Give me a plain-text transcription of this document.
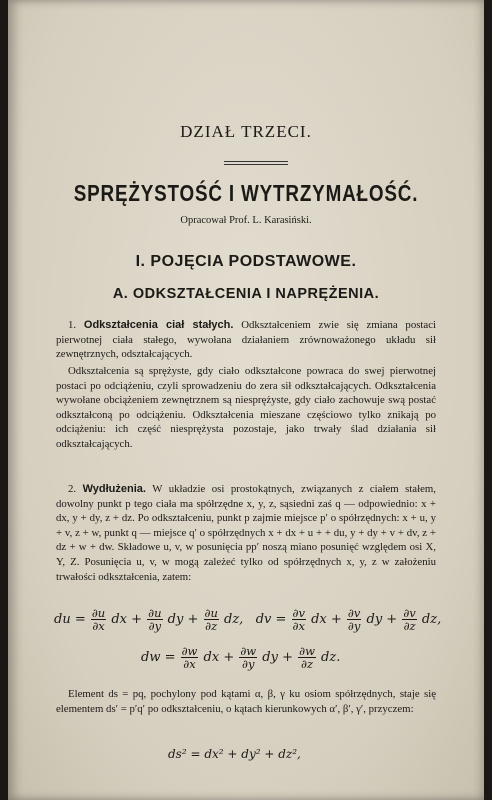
DZIAŁ TRZECI.
SPRĘŻYSTOŚĆ I WYTRZYMAŁOŚĆ.
Opracował Prof. L. Karasiński.
I. POJĘCIA PODSTAWOWE.
A. ODKSZTAŁCENIA I NAPRĘŻENIA.
1. Odkształcenia ciał stałych. Odkształceniem zwie się zmiana postaci pierwotnej ciała stałego, wywołana działaniem zrównoważonego układu sił zewnętrznych, odształcających.
Odkształcenia są sprężyste, gdy ciało odkształcone powraca do swej pierwotnej postaci po odciążeniu, czyli sprowadzeniu do zera sił odkształcających. Odkształcenia wywołane obciążeniem zewnętrznem są niesprężyste, gdy ciało zachowuje swą postać odkształconą po odciążeniu. Odkształcenia mieszane częściowo tylko znikają po odciążeniu: ich część niesprężysta pozostaje, jako trwały ślad działania sił odkształcających.
2. Wydłużenia. W układzie osi prostokątnych, związanych z ciałem stałem, dowolny punkt p tego ciała ma spółrzędne x, y, z, sąsiedni zaś q — odpowiednio: x + dx, y + dy, z + dz. Po odkształceniu, punkt p zajmie miejsce p′ o spółrzędnych: x + u, y + v, z + w, punkt q — miejsce q′ o spółrzędnych x + dx + u + + du, y + dy + v + dv, z + dz + w + dw. Składowe u, v, w posunięcia pp′ noszą miano posunięć względem osi X, Y, Z. Posunięcia u, v, w mogą zależeć tylko od spółrzędnych x, y, z w założeniu trwałości odkształcenia, zatem:
du = $\frac{\partial u}{\partial x}$ dx + $\frac{\partial u}{\partial y}$ dy + $\frac{\partial u}{\partial z}$ dz,   dv = $\frac{\partial v}{\partial x}$ dx + $\frac{\partial v}{\partial y}$ dy + $\frac{\partial v}{\partial z}$ dz,
dw = $\frac{\partial w}{\partial x}$ dx + $\frac{\partial w}{\partial y}$ dy + $\frac{\partial w}{\partial z}$ dz.
Element ds = pq, pochylony pod kątami α, β, γ ku osiom spółrzędnych, staje się elementem ds′ = p′q′ po odkształceniu, o kątach kierunkowych α′, β′, γ′, przyczem:
ds² = dx² + dy² + dz²,
